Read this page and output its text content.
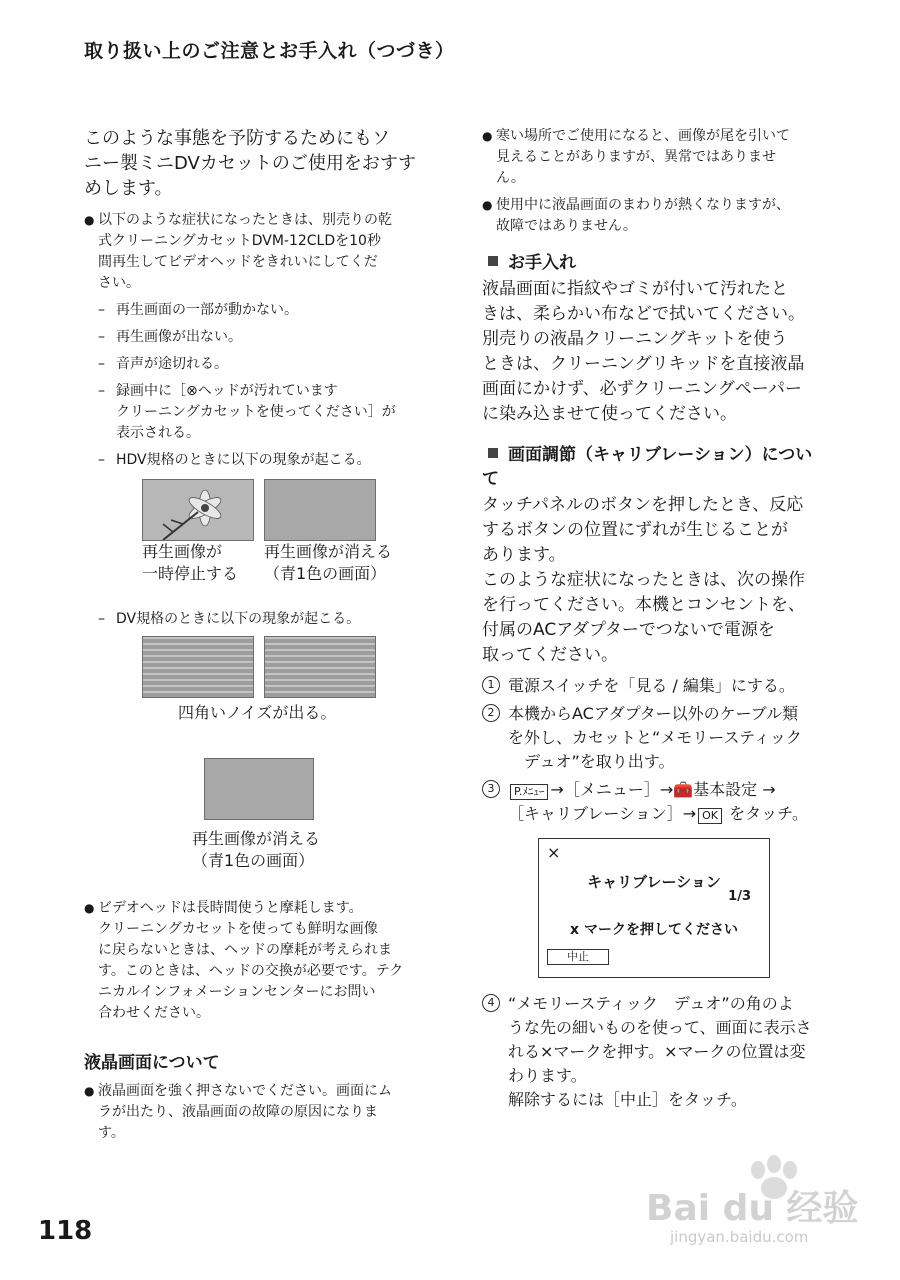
取り扱い上のご注意とお手入れ（つづき）
このような事態を予防するためにもソ
ニー製ミニDVカセットのご使用をおすす
めします。
● 以下のような症状になったときは、別売りの乾
式クリーニングカセットDVM-12CLDを10秒
間再生してビデオヘッドをきれいにしてくだ
さい。
– 再生画面の一部が動かない。
– 再生画像が出ない。
– 音声が途切れる。
– 録画中に［⊗ヘッドが汚れています
クリーニングカセットを使ってください］が
表示される。
– HDV規格のときに以下の現象が起こる。
再生画像が
一時停止する
再生画像が消える
（青1色の画面）
– DV規格のときに以下の現象が起こる。
四角いノイズが出る。
再生画像が消える
（青1色の画面）
● ビデオヘッドは長時間使うと摩耗します。
クリーニングカセットを使っても鮮明な画像
に戻らないときは、ヘッドの摩耗が考えられま
す。このときは、ヘッドの交換が必要です。テク
ニカルインフォメーションセンターにお問い
合わせください。
液晶画面について
● 液晶画面を強く押さないでください。画面にム
ラが出たり、液晶画面の故障の原因になりま
す。
● 寒い場所でご使用になると、画像が尾を引いて
見えることがありますが、異常ではありませ
ん。
● 使用中に液晶画面のまわりが熱くなりますが、
故障ではありません。
お手入れ
液晶画面に指紋やゴミが付いて汚れたと
きは、柔らかい布などで拭いてください。
別売りの液晶クリーニングキットを使う
ときは、クリーニングリキッドを直接液晶
画面にかけず、必ずクリーニングペーパー
に染み込ませて使ってください。
画面調節（キャリブレーション）につい
て
タッチパネルのボタンを押したとき、反応
するボタンの位置にずれが生じることが
あります。
このような症状になったときは、次の操作
を行ってください。本機とコンセントを、
付属のACアダプターでつないで電源を
取ってください。
1 電源スイッチを「見る / 編集」にする。
2 本機からACアダプター以外のケーブル類
を外し、カセットと“メモリースティック
　デュオ”を取り出す。
3	P.ﾒﾆｭｰ →［メニュー］→🧰基本設定 →
［キャリブレーション］→ OK をタッチ。
×
キャリブレーション
1/3
x マークを押してください
中止
4 “メモリースティック　デュオ”の角のよ
うな先の細いものを使って、画面に表示さ
れる×マークを押す。×マークの位置は変
わります。
解除するには［中止］をタッチ。
118
Bai du 经验
jingyan.baidu.com
